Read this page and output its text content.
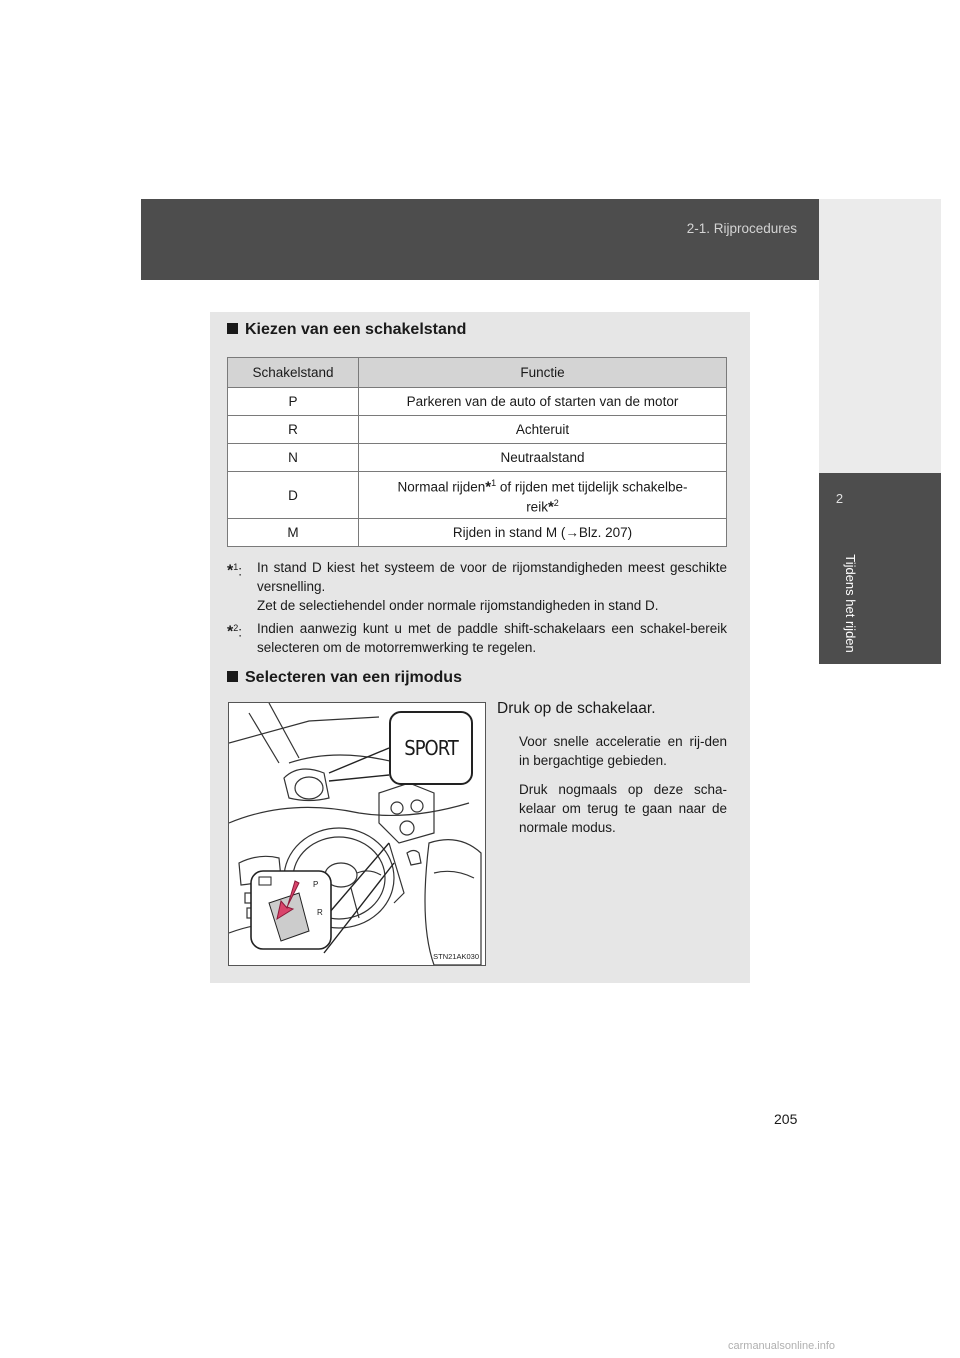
2-1. Rijprocedures
2
Tijdens het rijden
Kiezen van een schakelstand
Schakelstand	Functie
P	Parkeren van de auto of starten van de motor
R	Achteruit
N	Neutraalstand
D	Normaal rijden*$^1$ of rijden met tijdelijk schakelbe-
reik*$^2$
M	Rijden in stand M (→Blz. 207)
*$^1$:	In stand D kiest het systeem de voor de rijomstandigheden meest geschikte versnelling.

Zet de selectiehendel onder normale rijomstandigheden in stand D.

*$^2$:	Indien aanwezig kunt u met de paddle shift-schakelaars een schakel-bereik selecteren om de motorremwerking te regelen.

Selecteren van een rijmodus
P
R
SPORT
STN21AK030

Druk op de schakelaar.

Voor snelle acceleratie en rij-den in bergachtige gebieden.

Druk nogmaals op deze scha-kelaar om terug te gaan naar de normale modus.

205
carmanualsonline.info
